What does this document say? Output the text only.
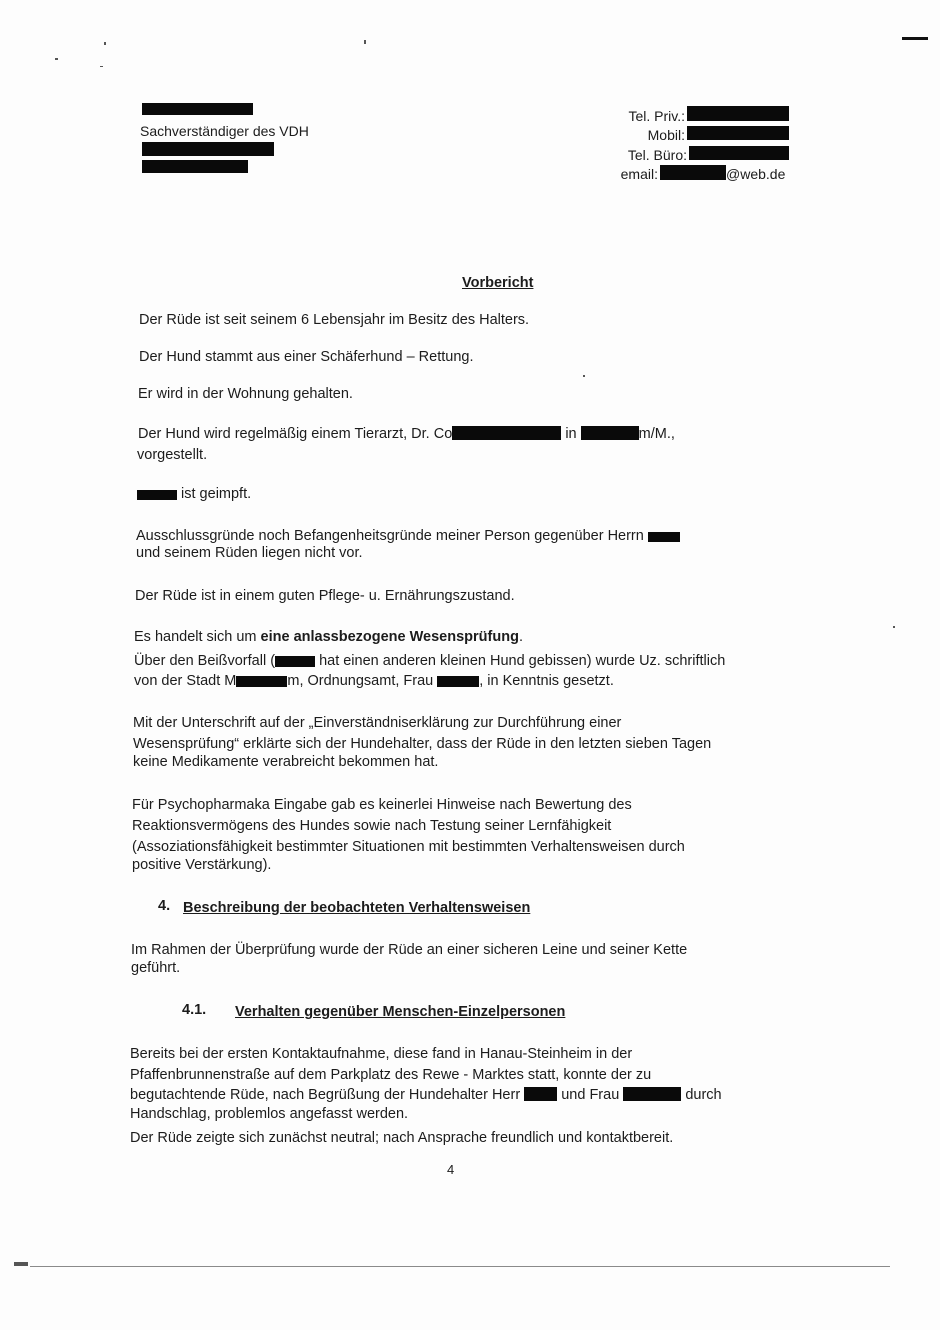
Sachverständiger des VDH
Tel. Priv.:
Mobil:
Tel. Büro:
email:	@web.de
Vorbericht
Der Rüde ist seit seinem 6 Lebensjahr im Besitz des Halters.
Der Hund stammt aus einer Schäferhund – Rettung.
Er wird in der Wohnung gehalten.
Der Hund wird regelmäßig einem Tierarzt, Dr. Co	in	m/M.,
vorgestellt.
ist geimpft.
Ausschlussgründe noch Befangenheitsgründe meiner Person gegenüber Herrn
und seinem Rüden liegen nicht vor.
Der Rüde ist in einem guten Pflege- u. Ernährungszustand.
Es handelt sich um eine anlassbezogene Wesensprüfung.
Über den Beißvorfall (	hat einen anderen kleinen Hund gebissen) wurde Uz. schriftlich
von der Stadt M	m, Ordnungsamt, Frau	, in Kenntnis gesetzt.
Mit der Unterschrift auf der „Einverständniserklärung zur Durchführung einer
Wesensprüfung“ erklärte sich der Hundehalter, dass der Rüde in den letzten sieben Tagen
keine Medikamente verabreicht bekommen hat.
Für Psychopharmaka Eingabe gab es keinerlei Hinweise nach Bewertung des
Reaktionsvermögens des Hundes sowie nach Testung seiner Lernfähigkeit
(Assoziationsfähigkeit bestimmter Situationen mit bestimmten Verhaltensweisen durch
positive Verstärkung).
4. Beschreibung der beobachteten Verhaltensweisen
Im Rahmen der Überprüfung wurde der Rüde an einer sicheren Leine und seiner Kette
geführt.
4.1. Verhalten gegenüber Menschen-Einzelpersonen
Bereits bei der ersten Kontaktaufnahme, diese fand in Hanau-Steinheim in der
Pfaffenbrunnenstraße auf dem Parkplatz des Rewe - Marktes statt, konnte der zu
begutachtende Rüde, nach Begrüßung der Hundehalter Herr	und Frau	durch
Handschlag, problemlos angefasst werden.
Der Rüde zeigte sich zunächst neutral; nach Ansprache freundlich und kontaktbereit.
4
